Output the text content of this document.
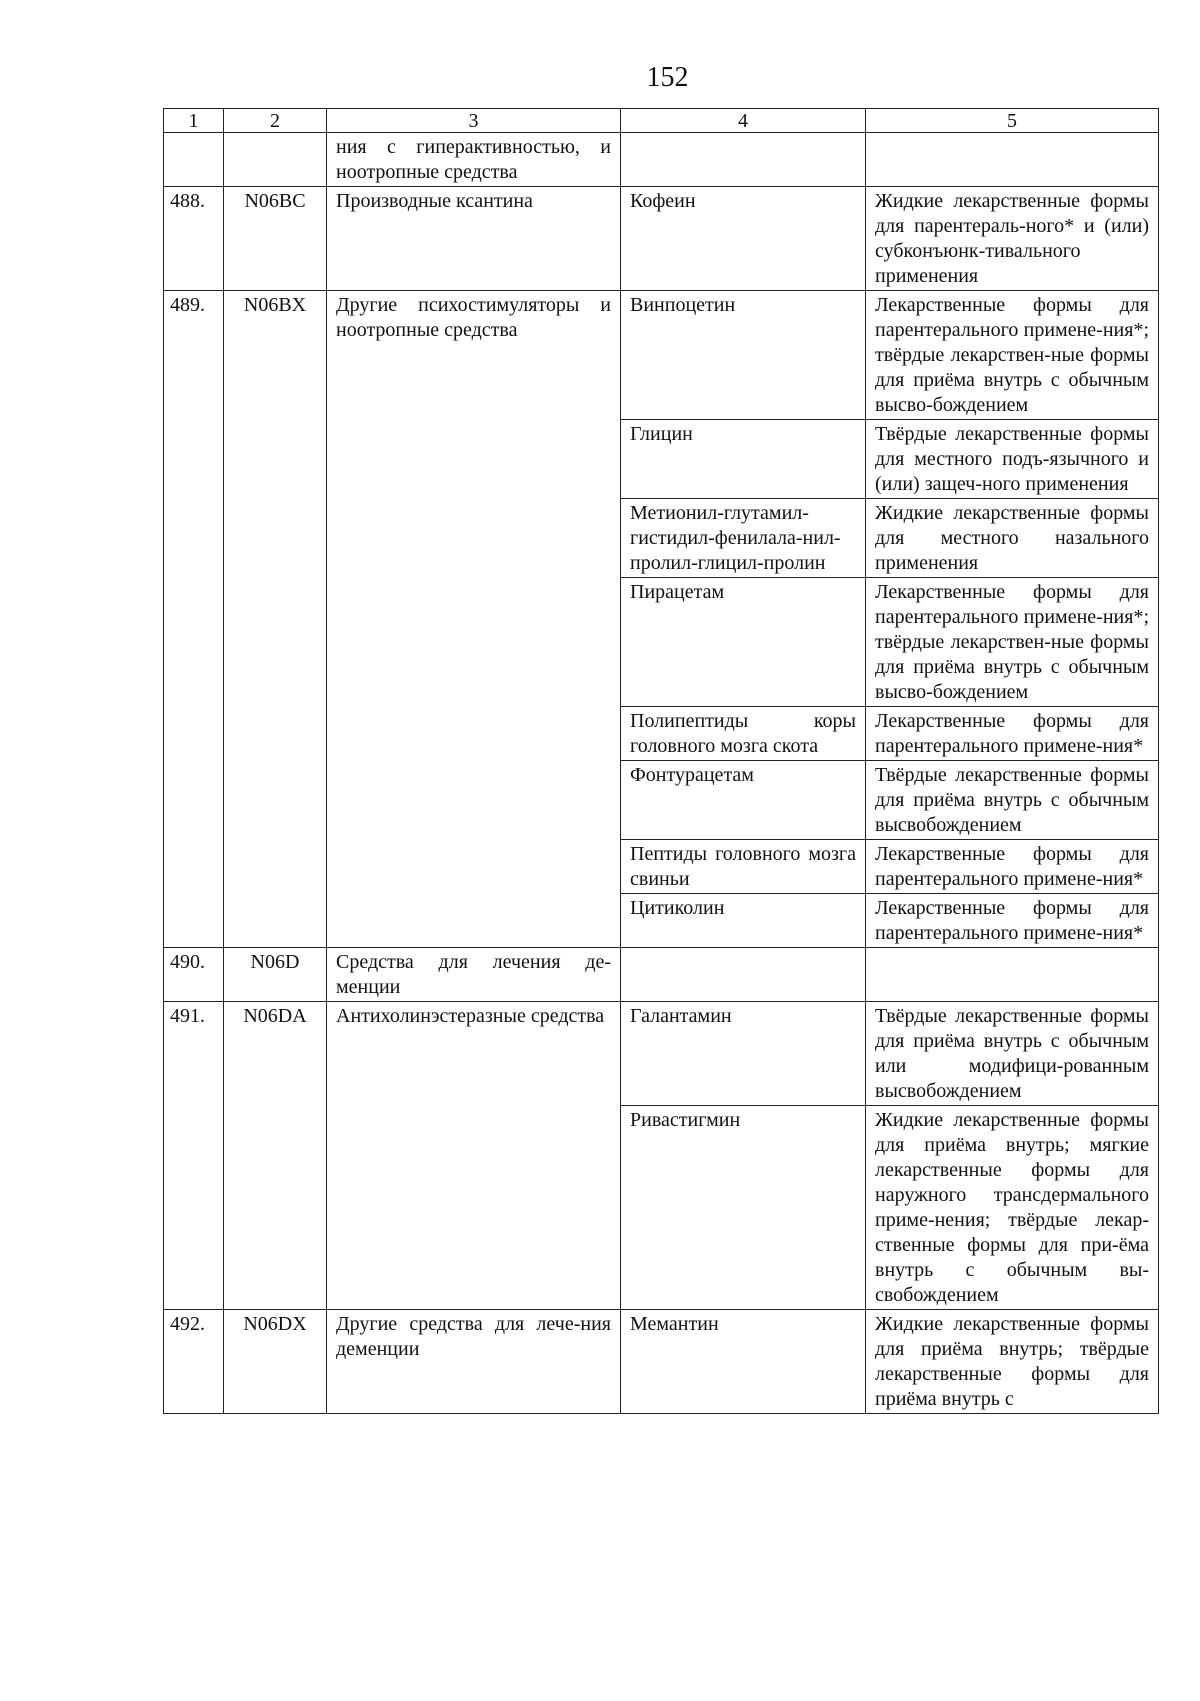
152
1	2	3	4	5
		ния с гиперактивностью, и ноотропные средства		
488.	N06BC	Производные ксантина	Кофеин	Жидкие лекарственные формы для парентераль-ного* и (или) субконъюнк-тивального применения
489.	N06BX	Другие психостимуляторы и ноотропные средства	Винпоцетин	Лекарственные формы для парентерального примене-ния*; твёрдые лекарствен-ные формы для приёма внутрь с обычным высво-бождением
			Глицин	Твёрдые лекарственные формы для местного подъ-язычного и (или) защеч-ного применения
			Метионил-глутамил-гистидил-фенилала-нил-пролил-глицил-пролин	Жидкие лекарственные формы для местного назального применения
			Пирацетам	Лекарственные формы для парентерального примене-ния*; твёрдые лекарствен-ные формы для приёма внутрь с обычным высво-бождением
			Полипептиды коры головного мозга скота	Лекарственные формы для парентерального примене-ния*
			Фонтурацетам	Твёрдые лекарственные формы для приёма внутрь с обычным высвобождением
			Пептиды головного мозга свиньи	Лекарственные формы для парентерального примене-ния*
			Цитиколин	Лекарственные формы для парентерального примене-ния*
490.	N06D	Средства для лечения де-менции		
491.	N06DA	Антихолинэстеразные средства	Галантамин	Твёрдые лекарственные формы для приёма внутрь с обычным или модифици-рованным высвобождением
			Ривастигмин	Жидкие лекарственные формы для приёма внутрь; мягкие лекарственные формы для наружного трансдермального приме-нения; твёрдые лекар-ственные формы для при-ёма внутрь с обычным вы-свобождением
492.	N06DX	Другие средства для лече-ния деменции	Мемантин	Жидкие лекарственные формы для приёма внутрь; твёрдые лекарственные формы для приёма внутрь с
